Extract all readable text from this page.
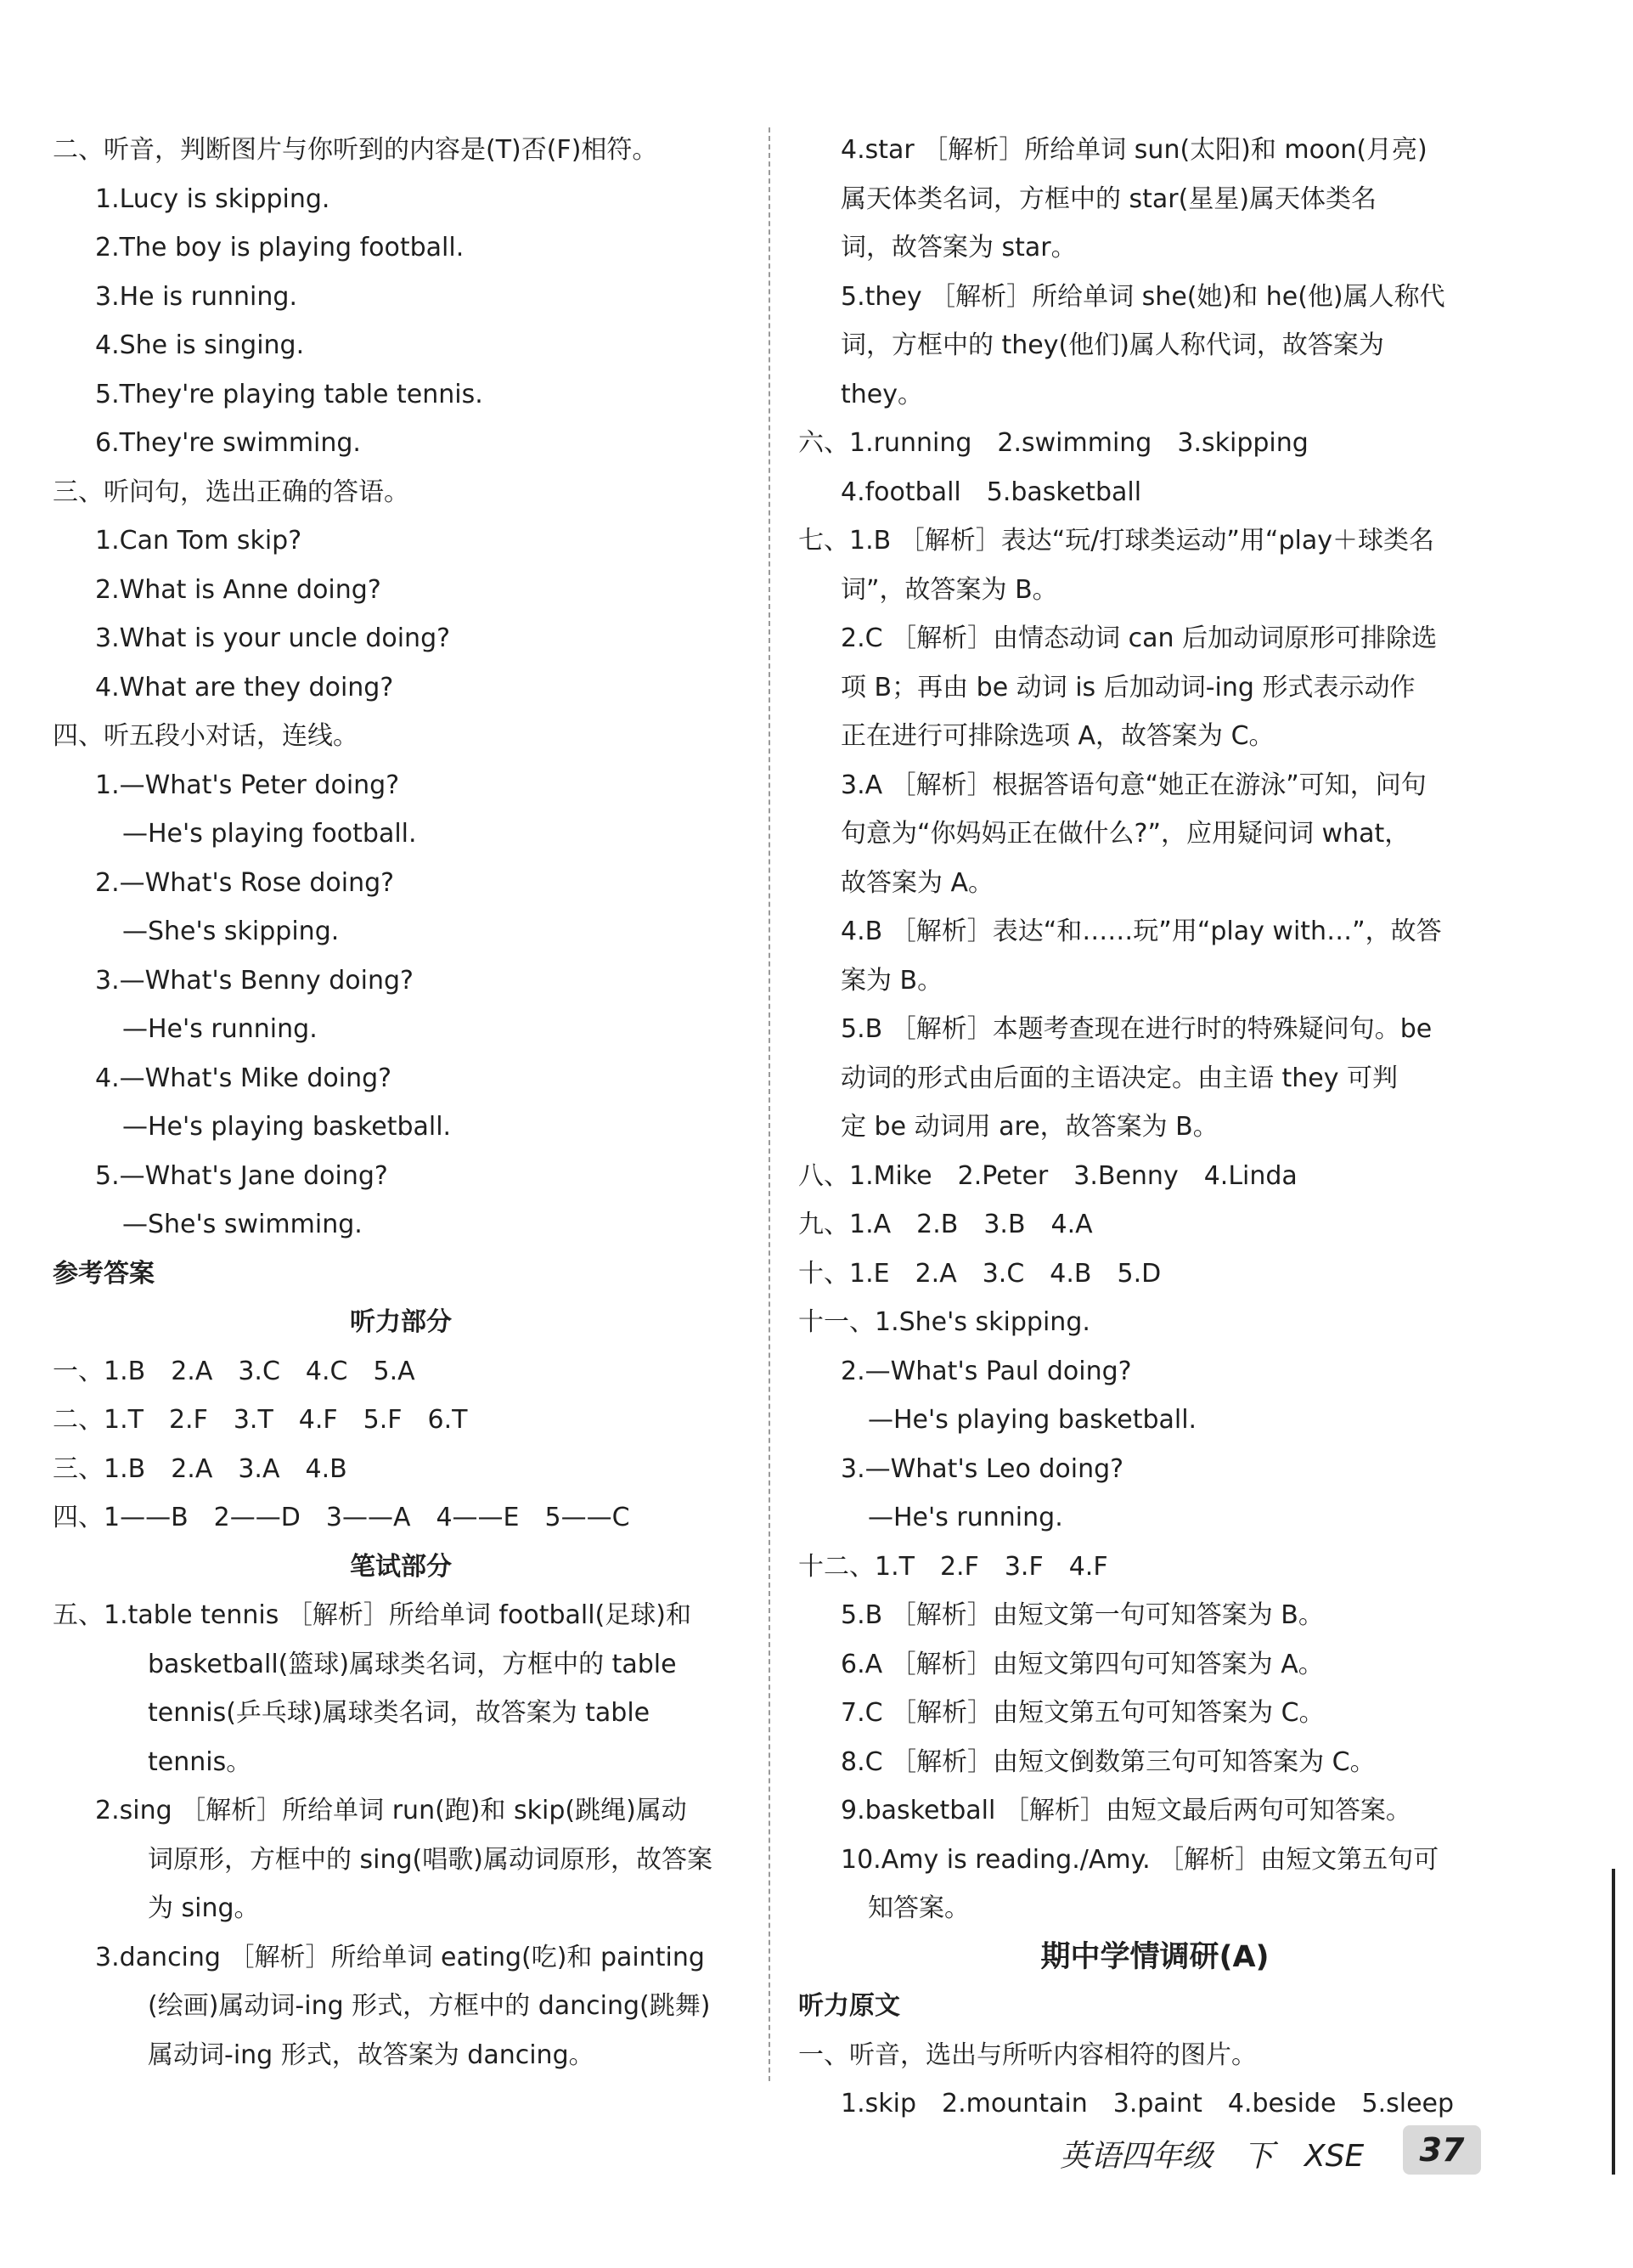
二、听音，判断图片与你听到的内容是(T)否(F)相符。
1.Lucy is skipping.
2.The boy is playing football.
3.He is running.
4.She is singing.
5.They're playing table tennis.
6.They're swimming.
三、听问句，选出正确的答语。
1.Can Tom skip?
2.What is Anne doing?
3.What is your uncle doing?
4.What are they doing?
四、听五段小对话，连线。
1.—What's Peter doing?
—He's playing football.
2.—What's Rose doing?
—She's skipping.
3.—What's Benny doing?
—He's running.
4.—What's Mike doing?
—He's playing basketball.
5.—What's Jane doing?
—She's swimming.
参考答案
听力部分
一、1.B　2.A　3.C　4.C　5.A
二、1.T　2.F　3.T　4.F　5.F　6.T
三、1.B　2.A　3.A　4.B
四、1——B　2——D　3——A　4——E　5——C
笔试部分
五、1.table tennis ［解析］所给单词 football(足球)和
basketball(篮球)属球类名词，方框中的 table
tennis(乒乓球)属球类名词，故答案为 table
tennis。
2.sing ［解析］所给单词 run(跑)和 skip(跳绳)属动
词原形，方框中的 sing(唱歌)属动词原形，故答案
为 sing。
3.dancing ［解析］所给单词 eating(吃)和 painting
(绘画)属动词-ing 形式，方框中的 dancing(跳舞)
属动词-ing 形式，故答案为 dancing。
4.star ［解析］所给单词 sun(太阳)和 moon(月亮)
属天体类名词，方框中的 star(星星)属天体类名
词，故答案为 star。
5.they ［解析］所给单词 she(她)和 he(他)属人称代
词，方框中的 they(他们)属人称代词，故答案为
they。
六、1.running　2.swimming　3.skipping
4.football　5.basketball
七、1.B ［解析］表达“玩/打球类运动”用“play＋球类名
词”，故答案为 B。
2.C ［解析］由情态动词 can 后加动词原形可排除选
项 B；再由 be 动词 is 后加动词-ing 形式表示动作
正在进行可排除选项 A，故答案为 C。
3.A ［解析］根据答语句意“她正在游泳”可知，问句
句意为“你妈妈正在做什么?”，应用疑问词 what，
故答案为 A。
4.B ［解析］表达“和……玩”用“play with…”，故答
案为 B。
5.B ［解析］本题考查现在进行时的特殊疑问句。be
动词的形式由后面的主语决定。由主语 they 可判
定 be 动词用 are，故答案为 B。
八、1.Mike　2.Peter　3.Benny　4.Linda
九、1.A　2.B　3.B　4.A
十、1.E　2.A　3.C　4.B　5.D
十一、1.She's skipping.
2.—What's Paul doing?
—He's playing basketball.
3.—What's Leo doing?
—He's running.
十二、1.T　2.F　3.F　4.F
5.B ［解析］由短文第一句可知答案为 B。
6.A ［解析］由短文第四句可知答案为 A。
7.C ［解析］由短文第五句可知答案为 C。
8.C ［解析］由短文倒数第三句可知答案为 C。
9.basketball ［解析］由短文最后两句可知答案。
10.Amy is reading./Amy. ［解析］由短文第五句可
知答案。
期中学情调研(A)
听力原文
一、听音，选出与所听内容相符的图片。
1.skip　2.mountain　3.paint　4.beside　5.sleep
英语四年级　下　XSE	37
